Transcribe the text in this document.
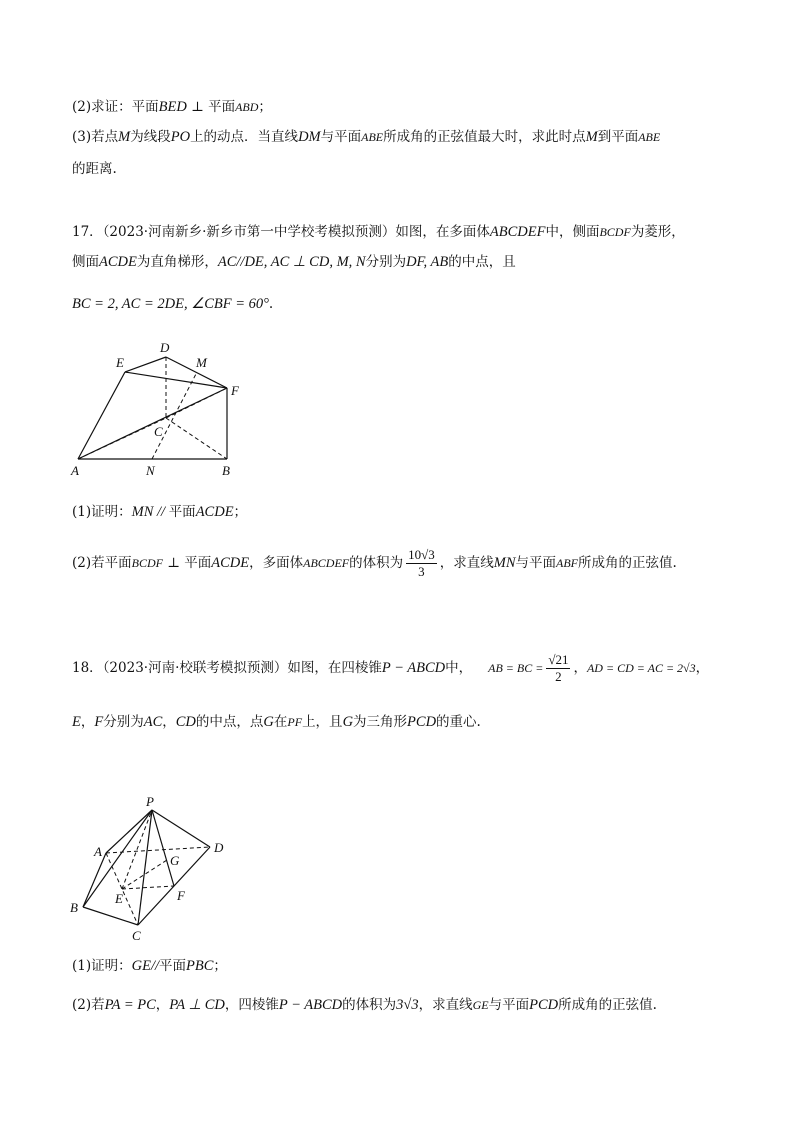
(2)求证：平面BED ⊥ 平面ABD；
(3)若点M为线段PO上的动点．当直线DM与平面ABE所成角的正弦值最大时，求此时点M到平面ABE
的距离.
17．（2023·河南新乡·新乡市第一中学校考模拟预测）如图，在多面体ABCDEF中，侧面BCDF为菱形，
侧面ACDE为直角梯形，AC//DE, AC ⊥ CD, M, N分别为DF, AB的中点，且
BC = 2, AC = 2DE, ∠CBF = 60°.
E
D
M
F
C
A	N	B
(1)证明：MN // 平面ACDE；
(2)若平面BCDF ⊥ 平面ACDE，多面体ABCDEF的体积为 $\frac{10√3}{3}$ ，求直线MN与平面ABF所成角的正弦值.
18．（2023·河南·校联考模拟预测）如图，在四棱锥P − ABCD中， AB = BC = $\frac{√21}{2}$ ，AD = CD = AC = 2√3，
E，F分别为AC，CD的中点，点G在PF上，且G为三角形PCD的重心.
P
A	D
G
E	F
B
C
(1)证明：GE//平面PBC；
(2)若PA = PC，PA ⊥ CD，四棱锥P − ABCD的体积为3√3，求直线GE与平面PCD所成角的正弦值.
